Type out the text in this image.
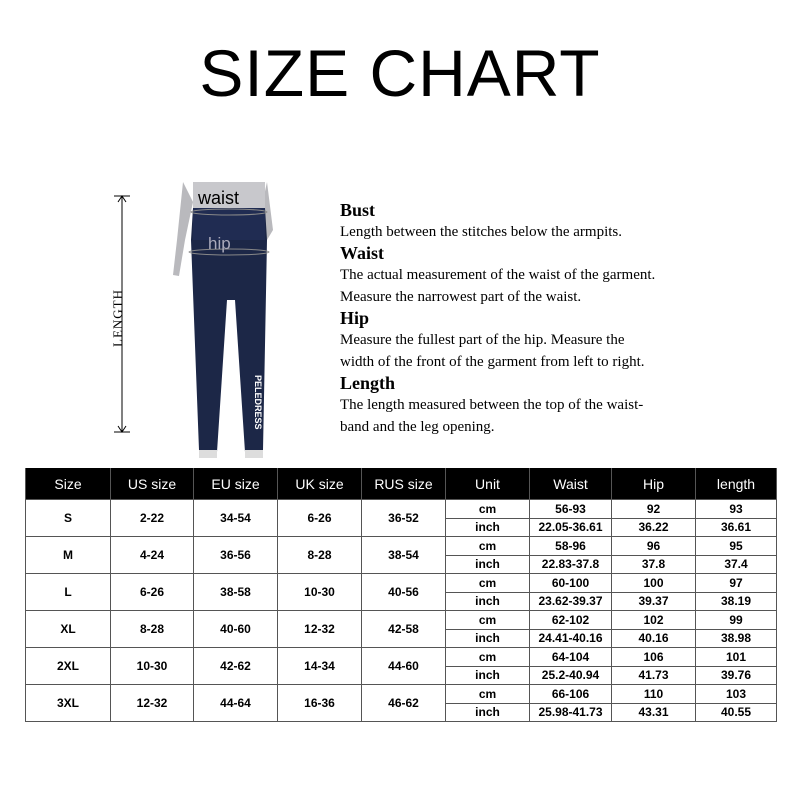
SIZE CHART
LENGTH
PELEDRESS
waist
hip
Bust
Length between the stitches below the armpits.
Waist
The actual measurement of the waist of the garment.
Measure the narrowest part of the waist.
Hip
Measure the fullest part of the hip. Measure the
width of the front of the garment from left to right.
Length
The length measured between the top of the waist-
band and the leg opening.
Size	US size	EU size	UK size	RUS size	Unit	Waist	Hip	length
S	2-22	34-54	6-26	36-52	cm	56-93	92	93
					inch	22.05-36.61	36.22	36.61
M	4-24	36-56	8-28	38-54	cm	58-96	96	95
					inch	22.83-37.8	37.8	37.4
L	6-26	38-58	10-30	40-56	cm	60-100	100	97
					inch	23.62-39.37	39.37	38.19
XL	8-28	40-60	12-32	42-58	cm	62-102	102	99
					inch	24.41-40.16	40.16	38.98
2XL	10-30	42-62	14-34	44-60	cm	64-104	106	101
					inch	25.2-40.94	41.73	39.76
3XL	12-32	44-64	16-36	46-62	cm	66-106	110	103
					inch	25.98-41.73	43.31	40.55
